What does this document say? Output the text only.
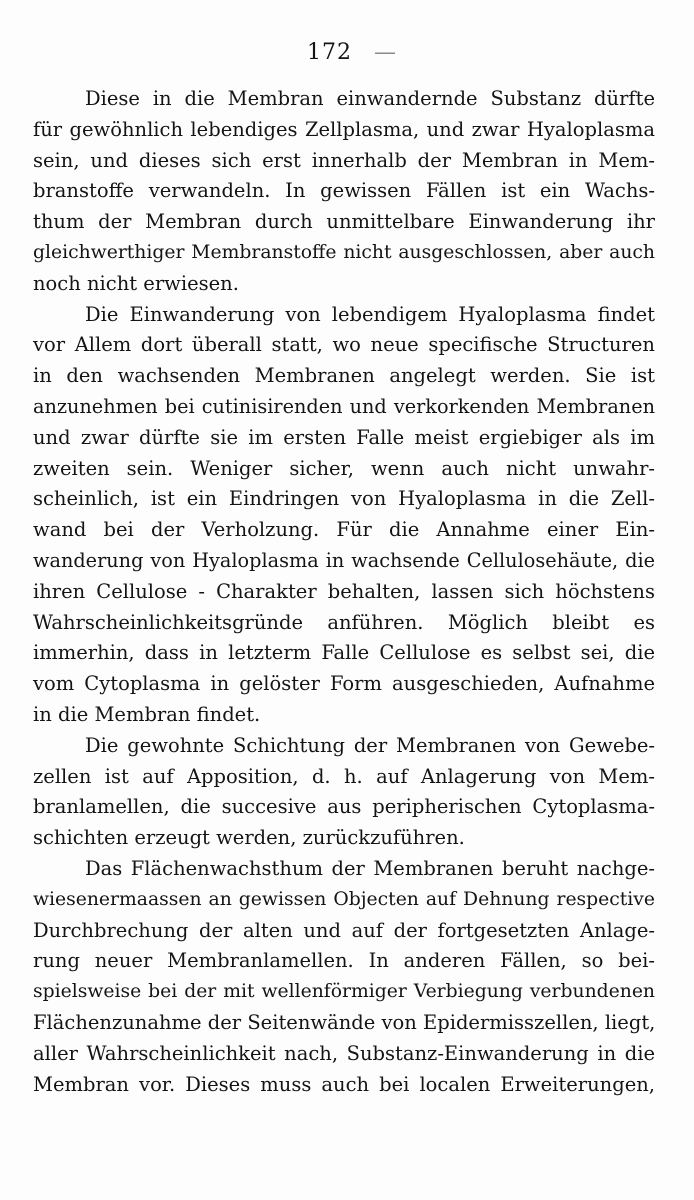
172 —
Diese in die Membran einwandernde Substanz dürfte
für gewöhnlich lebendiges Zellplasma, und zwar Hyaloplasma
sein, und dieses sich erst innerhalb der Membran in Mem-
branstoffe verwandeln. In gewissen Fällen ist ein Wachs-
thum der Membran durch unmittelbare Einwanderung ihr
gleichwerthiger Membranstoffe nicht ausgeschlossen, aber auch
noch nicht erwiesen.
Die Einwanderung von lebendigem Hyaloplasma findet
vor Allem dort überall statt, wo neue specifische Structuren
in den wachsenden Membranen angelegt werden. Sie ist
anzunehmen bei cutinisirenden und verkorkenden Membranen
und zwar dürfte sie im ersten Falle meist ergiebiger als im
zweiten sein. Weniger sicher, wenn auch nicht unwahr-
scheinlich, ist ein Eindringen von Hyaloplasma in die Zell-
wand bei der Verholzung. Für die Annahme einer Ein-
wanderung von Hyaloplasma in wachsende Cellulosehäute, die
ihren Cellulose - Charakter behalten, lassen sich höchstens
Wahrscheinlichkeitsgründe anführen. Möglich bleibt es
immerhin, dass in letzterm Falle Cellulose es selbst sei, die
vom Cytoplasma in gelöster Form ausgeschieden, Aufnahme
in die Membran findet.
Die gewohnte Schichtung der Membranen von Gewebe-
zellen ist auf Apposition, d. h. auf Anlagerung von Mem-
branlamellen, die succesive aus peripherischen Cytoplasma-
schichten erzeugt werden, zurückzuführen.
Das Flächenwachsthum der Membranen beruht nachge-
wiesenermaassen an gewissen Objecten auf Dehnung respective
Durchbrechung der alten und auf der fortgesetzten Anlage-
rung neuer Membranlamellen. In anderen Fällen, so bei-
spielsweise bei der mit wellenförmiger Verbiegung verbundenen
Flächenzunahme der Seitenwände von Epidermisszellen, liegt,
aller Wahrscheinlichkeit nach, Substanz-Einwanderung in die
Membran vor. Dieses muss auch bei localen Erweiterungen,
